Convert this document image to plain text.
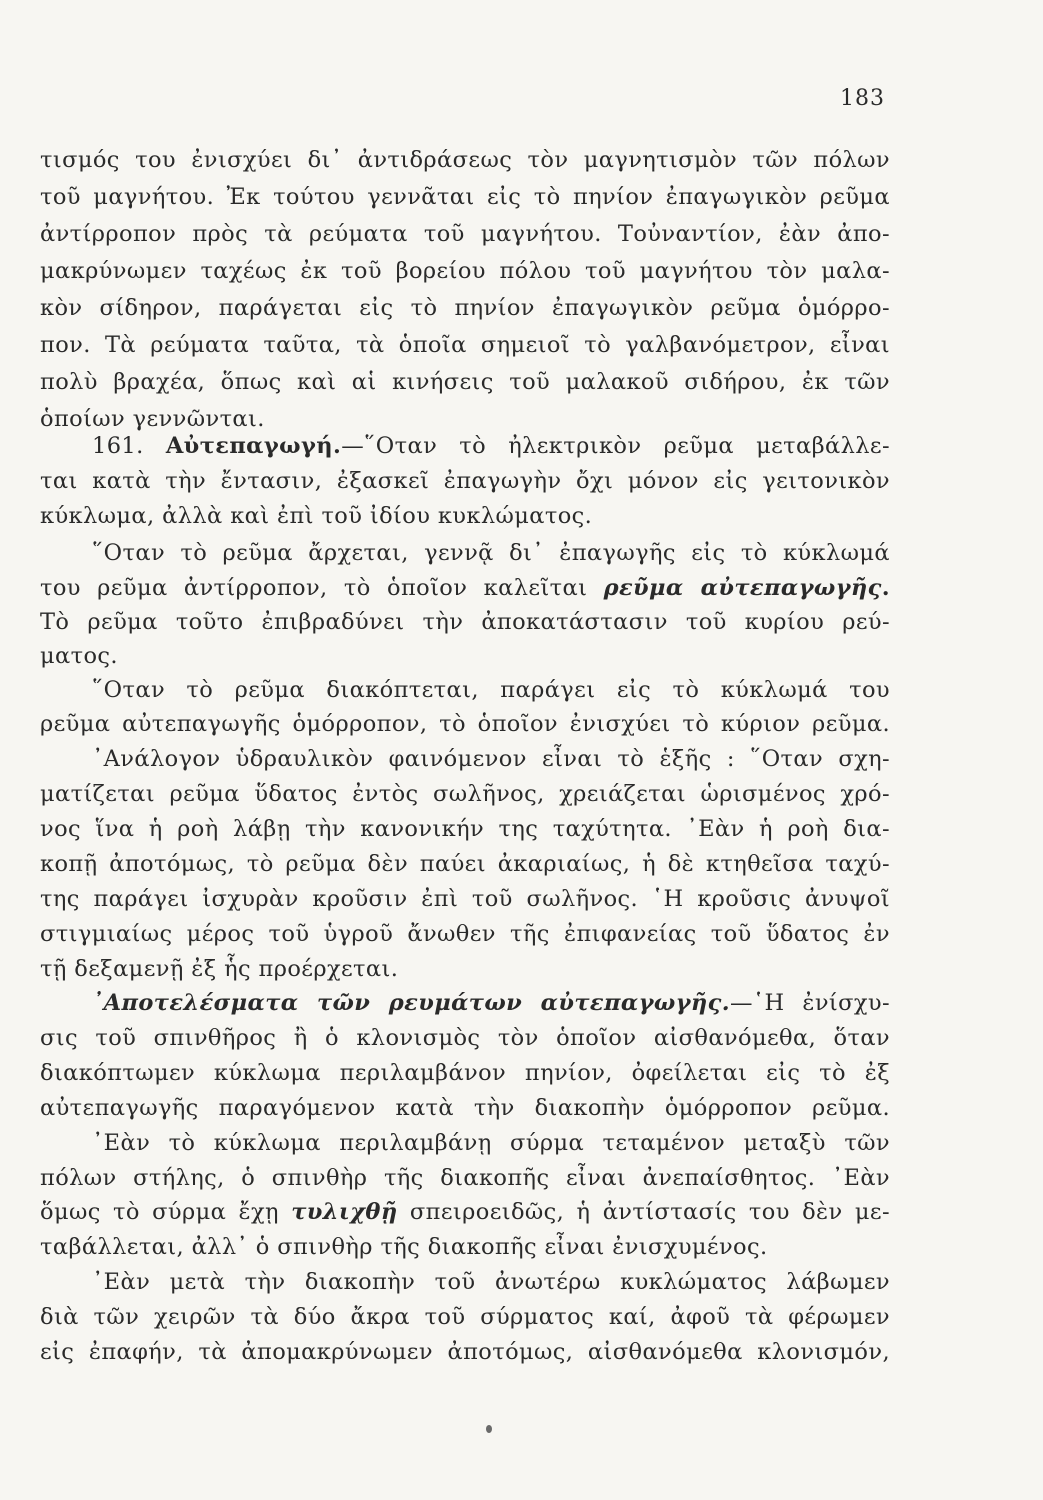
183
τισμός του ἐνισχύει δι᾽ ἀντιδράσεως τὸν μαγνητισμὸν τῶν πόλων
τοῦ μαγνήτου. Ἐκ τούτου γεννᾶται εἰς τὸ πηνίον ἐπαγωγικὸν ρεῦμα
ἀντίρροπον πρὸς τὰ ρεύματα τοῦ μαγνήτου. Τοὐναντίον, ἐὰν ἀπο-
μακρύνωμεν ταχέως ἐκ τοῦ βορείου πόλου τοῦ μαγνήτου τὸν μαλα-
κὸν σίδηρον, παράγεται εἰς τὸ πηνίον ἐπαγωγικὸν ρεῦμα ὁμόρρο-
πον. Τὰ ρεύματα ταῦτα, τὰ ὁποῖα σημειοῖ τὸ γαλβανόμετρον, εἶναι
πολὺ βραχέα, ὅπως καὶ αἱ κινήσεις τοῦ μαλακοῦ σιδήρου, ἐκ τῶν
ὁποίων γεννῶνται.
161. Αὐτεπαγωγή.—῞Οταν τὸ ἠλεκτρικὸν ρεῦμα μεταβάλλε-
ται κατὰ τὴν ἔντασιν, ἐξασκεῖ ἐπαγωγὴν ὄχι μόνον εἰς γειτονικὸν
κύκλωμα, ἀλλὰ καὶ ἐπὶ τοῦ ἰδίου κυκλώματος.
῞Οταν τὸ ρεῦμα ἄρχεται, γεννᾷ δι᾽ ἐπαγωγῆς εἰς τὸ κύκλωμά
του ρεῦμα ἀντίρροπον, τὸ ὁποῖον καλεῖται ρεῦμα αὐτεπαγωγῆς.
Τὸ ρεῦμα τοῦτο ἐπιβραδύνει τὴν ἀποκατάστασιν τοῦ κυρίου ρεύ-
ματος.
῞Οταν τὸ ρεῦμα διακόπτεται, παράγει εἰς τὸ κύκλωμά του
ρεῦμα αὐτεπαγωγῆς ὁμόρροπον, τὸ ὁποῖον ἐνισχύει τὸ κύριον ρεῦμα.
᾽Ανάλογον ὑδραυλικὸν φαινόμενον εἶναι τὸ ἑξῆς : ῞Οταν σχη-
ματίζεται ρεῦμα ὕδατος ἐντὸς σωλῆνος, χρειάζεται ὡρισμένος χρό-
νος ἵνα ἡ ροὴ λάβῃ τὴν κανονικήν της ταχύτητα. ᾽Εὰν ἡ ροὴ δια-
κοπῇ ἀποτόμως, τὸ ρεῦμα δὲν παύει ἀκαριαίως, ἡ δὲ κτηθεῖσα ταχύ-
της παράγει ἰσχυρὰν κροῦσιν ἐπὶ τοῦ σωλῆνος. ῾Η κροῦσις ἀνυψοῖ
στιγμιαίως μέρος τοῦ ὑγροῦ ἄνωθεν τῆς ἐπιφανείας τοῦ ὕδατος ἐν
τῇ δεξαμενῇ ἐξ ἧς προέρχεται.
᾽Αποτελέσματα τῶν ρευμάτων αὐτεπαγωγῆς.—῾Η ἐνίσχυ-
σις τοῦ σπινθῆρος ἢ ὁ κλονισμὸς τὸν ὁποῖον αἰσθανόμεθα, ὅταν
διακόπτωμεν κύκλωμα περιλαμβάνον πηνίον, ὀφείλεται εἰς τὸ ἐξ
αὐτεπαγωγῆς παραγόμενον κατὰ τὴν διακοπὴν ὁμόρροπον ρεῦμα.
᾽Εὰν τὸ κύκλωμα περιλαμβάνῃ σύρμα τεταμένον μεταξὺ τῶν
πόλων στήλης, ὁ σπινθὴρ τῆς διακοπῆς εἶναι ἀνεπαίσθητος. ᾽Εὰν
ὅμως τὸ σύρμα ἔχῃ τυλιχθῇ σπειροειδῶς, ἡ ἀντίστασίς του δὲν με-
ταβάλλεται, ἀλλ᾽ ὁ σπινθὴρ τῆς διακοπῆς εἶναι ἐνισχυμένος.
᾽Εὰν μετὰ τὴν διακοπὴν τοῦ ἀνωτέρω κυκλώματος λάβωμεν
διὰ τῶν χειρῶν τὰ δύο ἄκρα τοῦ σύρματος καί, ἀφοῦ τὰ φέρωμεν
εἰς ἐπαφήν, τὰ ἀπομακρύνωμεν ἀποτόμως, αἰσθανόμεθα κλονισμόν,
